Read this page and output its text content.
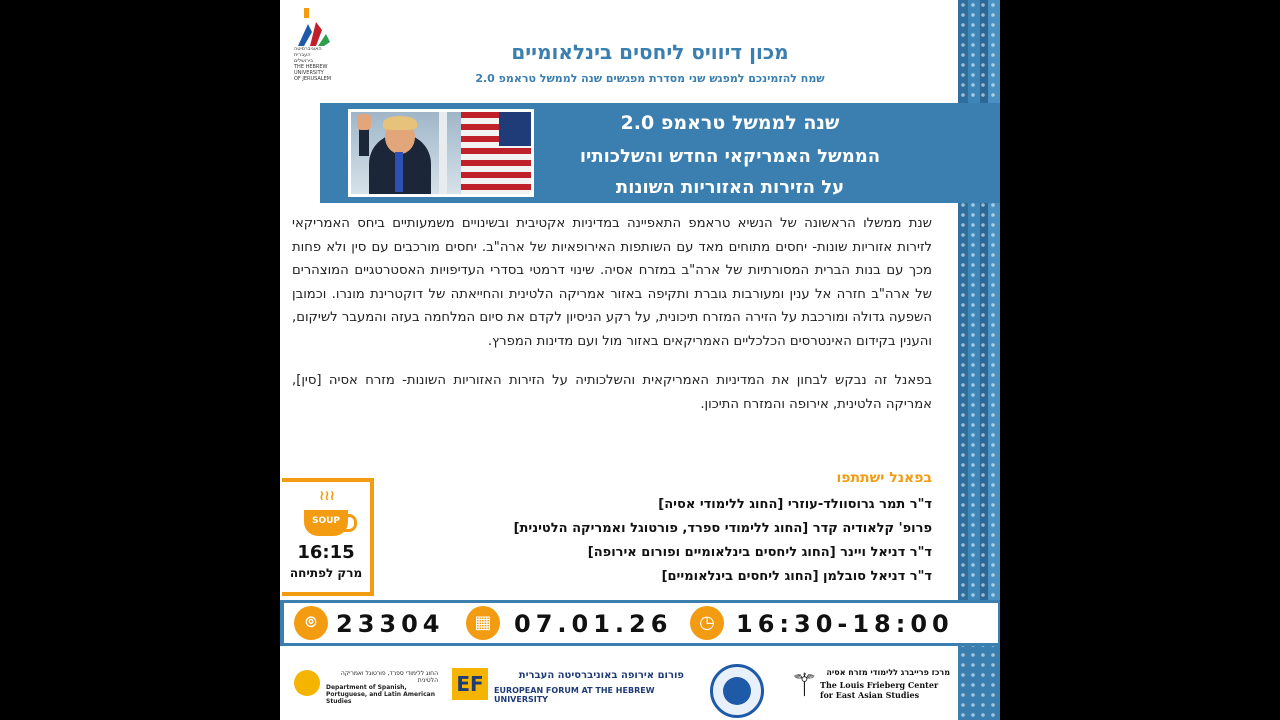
האוניברסיטה
העברית
בירושלים
THE HEBREW
UNIVERSITY
OF JERUSALEM
מכון דיוויס ליחסים בינלאומיים
שמח להזמינכם למפגש שני מסדרת מפגשים שנה לממשל טראמפ 2.0
שנה לממשל טראמפ 2.0
הממשל האמריקאי החדש והשלכותיו
על הזירות האזוריות השונות

שנת ממשלו הראשונה של הנשיא טראמפ התאפיינה במדיניות אקטיבית ובשינויים משמעותיים ביחס האמריקאי לזירות אזוריות שונות- יחסים מתוחים מאד עם השותפות האירופאיות של ארה"ב. יחסים מורכבים עם סין ולא פחות מכך עם בנות הברית המסורתיות של ארה"ב במזרח אסיה. שינוי דרמטי בסדרי העדיפויות האסטרטגיים המוצהרים של ארה"ב חזרה אל ענין ומעורבות גוברת ותקיפה באזור אמריקה הלטינית והחייאתה של דוקטרינת מונרו. וכמובן השפעה גדולה ומורכבת על הזירה המזרח תיכונית, על רקע הניסיון לקדם את סיום המלחמה בעזה והמעבר לשיקום, והענין בקידום האינטרסים הכלכליים האמריקאים באזור מול ועם מדינות המפרץ.

בפאנל זה נבקש לבחון את המדיניות האמריקאית והשלכותיה על הזירות האזוריות השונות- מזרח אסיה [סין], אמריקה הלטינית, אירופה והמזרח התיכון.

בפאנל ישתתפו
ד"ר תמר גרוסוולד-עוזרי [החוג ללימודי אסיה]
פרופ' קלאודיה קדר [החוג ללימודי ספרד, פורטוגל ואמריקה הלטינית]
ד"ר דניאל ויינר [החוג ליחסים בינלאומיים ופורום אירופה]
ד"ר דניאל סובלמן [החוג ליחסים בינלאומיים]
≀≀≀
SOUP
16:15
מרק לפתיחה
⌾ 23304	▦ 07.01.26	◷ 16:30-18:00
החוג ללימודי ספרד, פורטוגל ואמריקה הלטינית
Department of Spanish, Portuguese, and Latin American Studies
EF	פורום אירופה באוניברסיטה העברית
EUROPEAN FORUM AT THE HEBREW UNIVERSITY	⚚ מרכז פרייברג ללימודי מזרח אסיה
The Louis Frieberg Center for East Asian Studies
